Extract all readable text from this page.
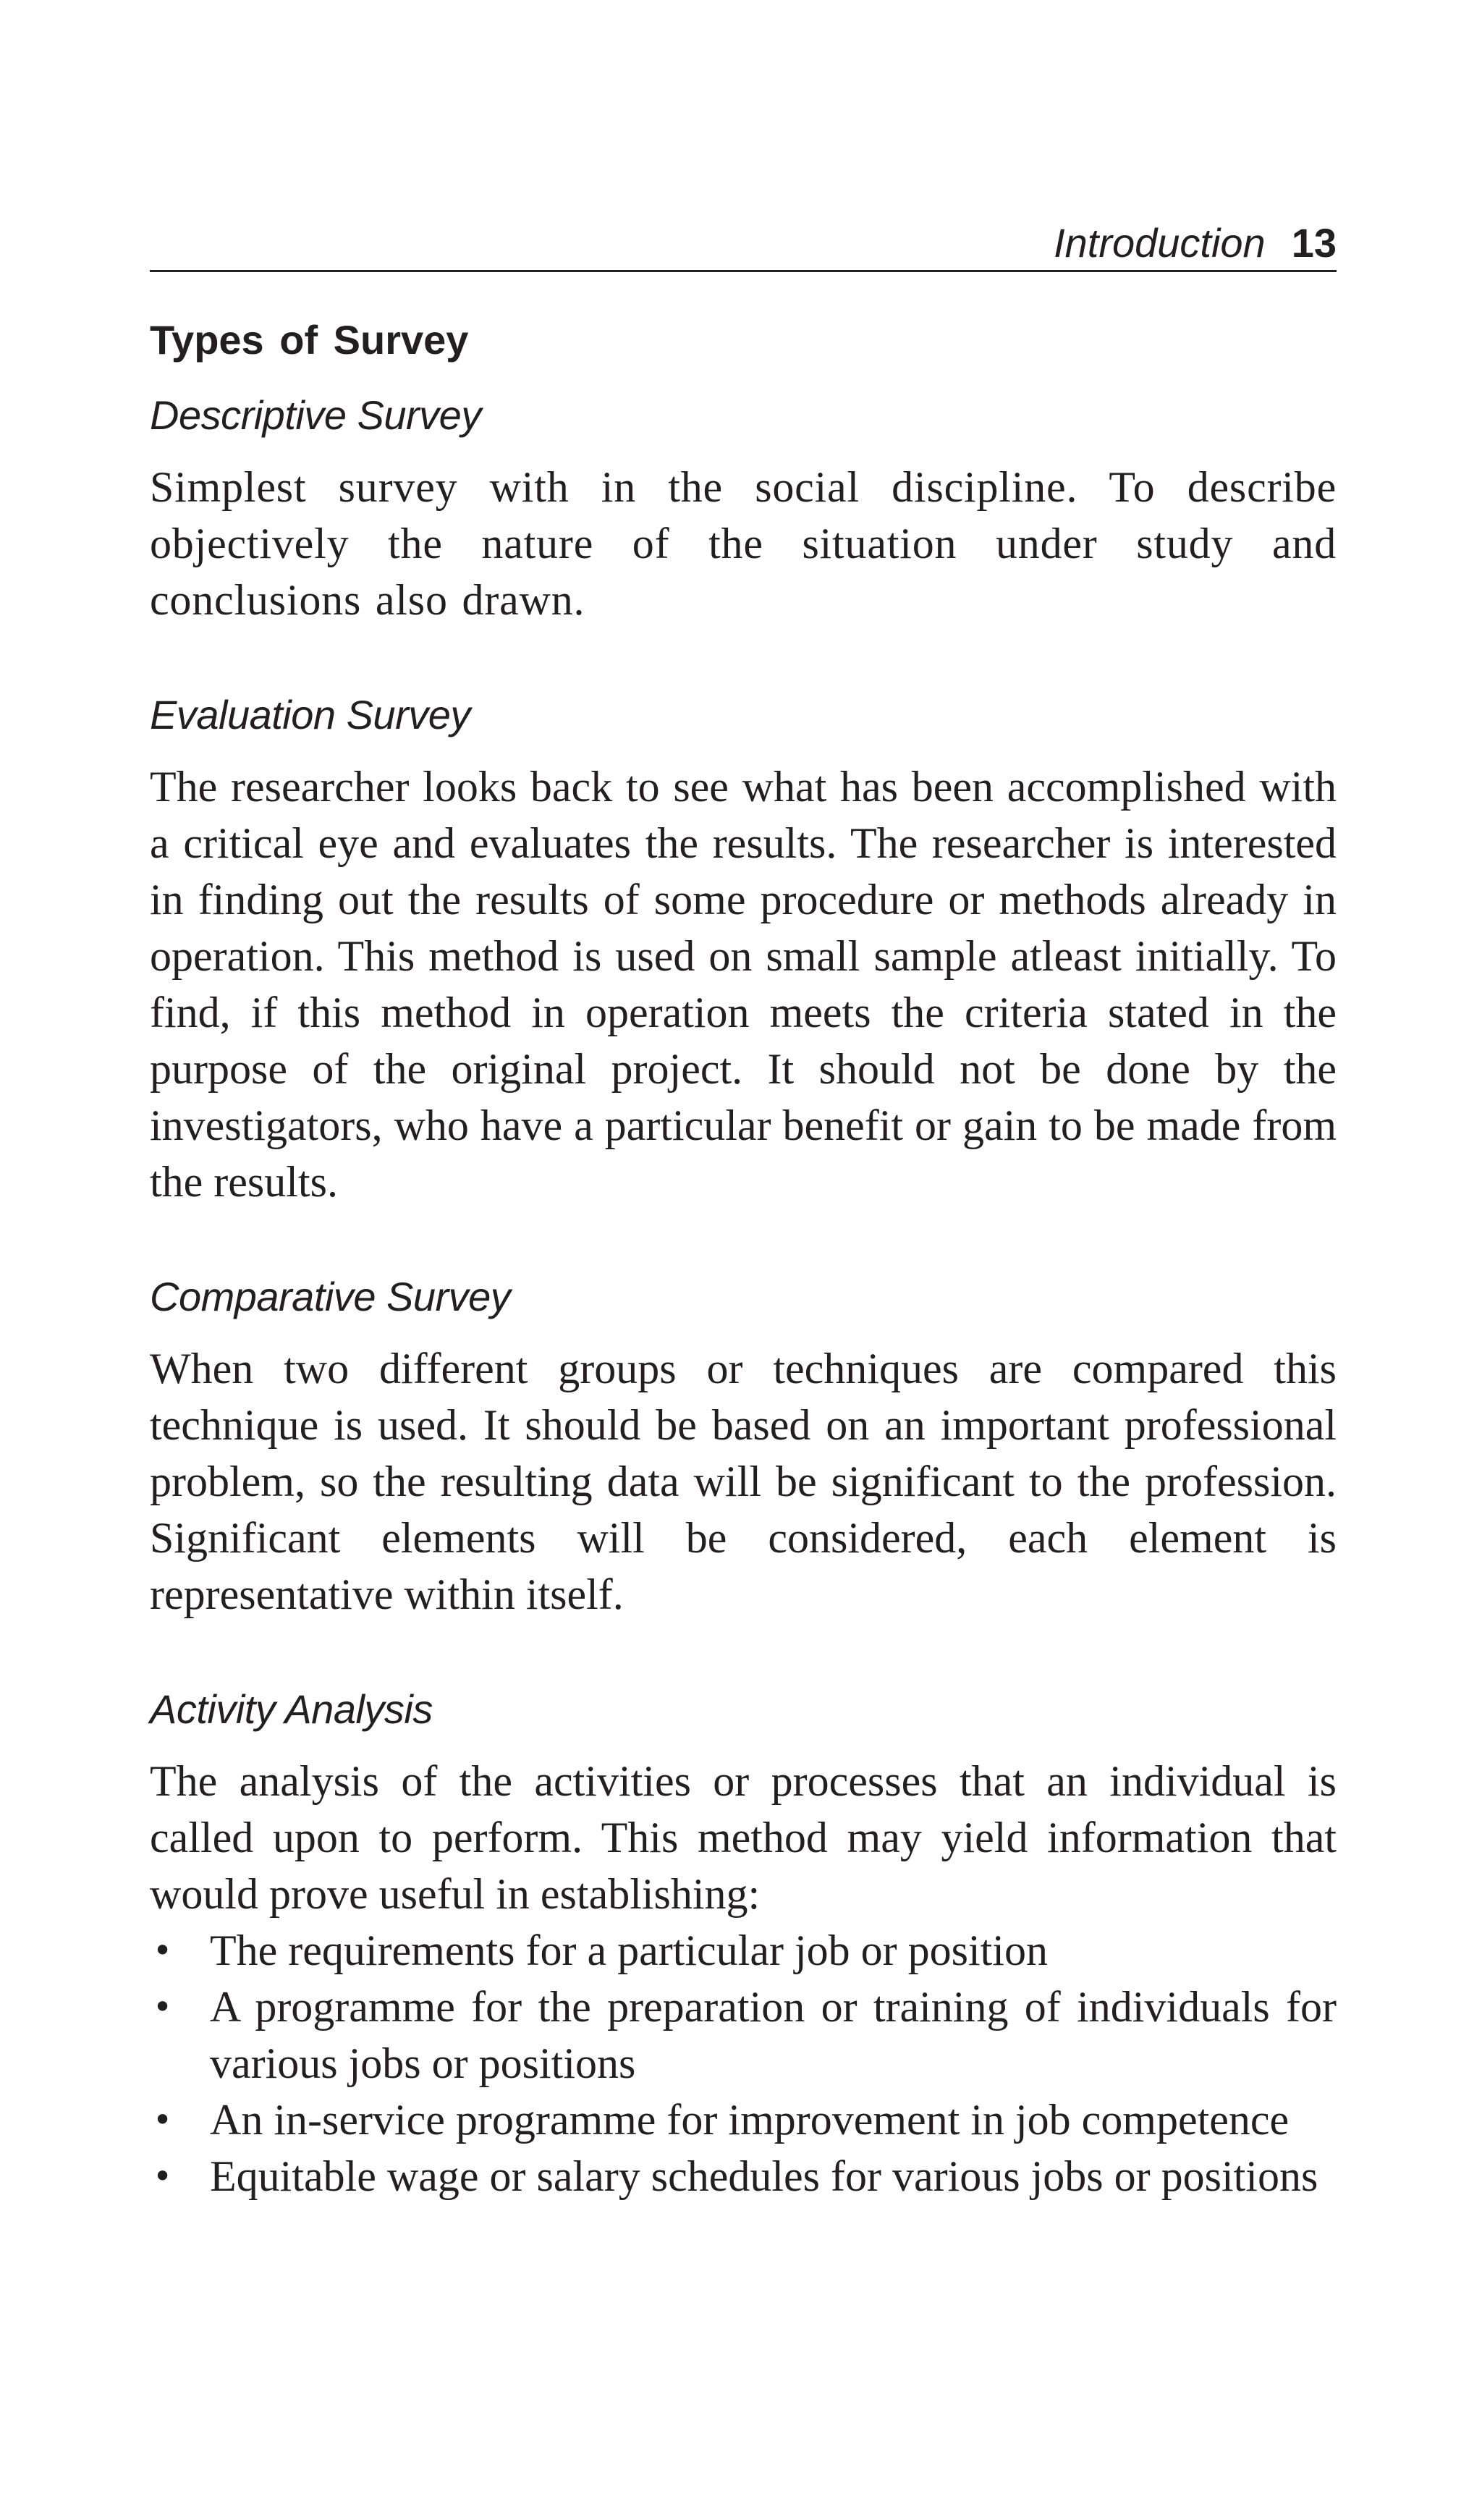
Introduction 13
Types of Survey
Descriptive Survey

Simplest survey with in the social discipline. To describe objectively the nature of the situation under study and conclusions also drawn.

Evaluation Survey

The researcher looks back to see what has been accomplished with a critical eye and evaluates the results. The researcher is interested in finding out the results of some procedure or methods already in operation. This method is used on small sample atleast initially. To find, if this method in operation meets the criteria stated in the purpose of the original project. It should not be done by the investigators, who have a particular benefit or gain to be made from the results.

Comparative Survey

When two different groups or techniques are compared this technique is used. It should be based on an important professional problem, so the resulting data will be significant to the profession. Significant elements will be considered, each element is representative within itself.

Activity Analysis

The analysis of the activities or processes that an individual is called upon to perform. This method may yield information that would prove useful in establishing:

• The requirements for a particular job or position
• A programme for the preparation or training of individuals for various jobs or positions
• An in-service programme for improvement in job competence
• Equitable wage or salary schedules for various jobs or positions
